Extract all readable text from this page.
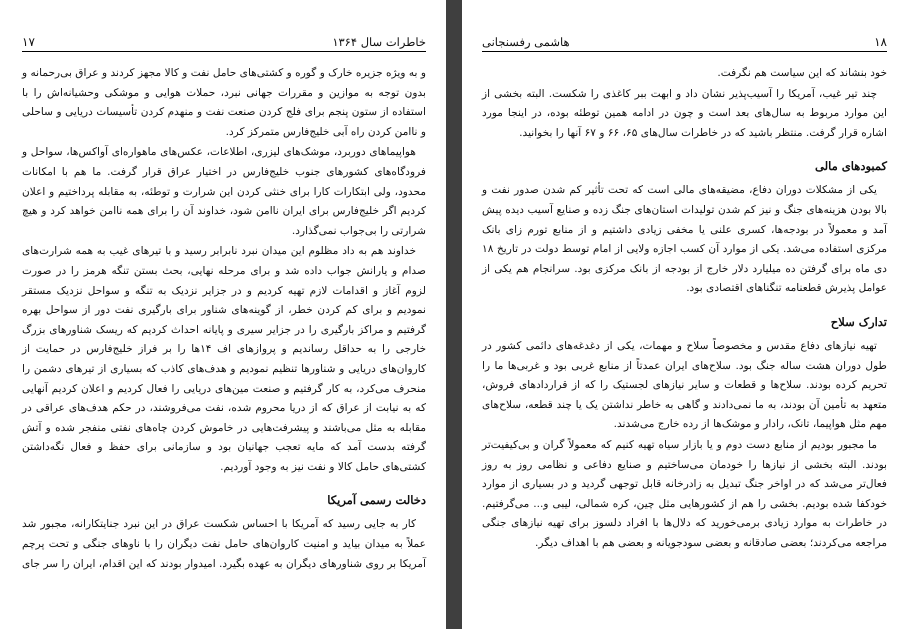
۱۷	خاطرات سال ۱۳۶۴

و به ویژه جزیره خارک و گوره و کشتی‌های حامل نفت و کالا مجهز کردند و عراق بی‌رحمانه و بدون توجه به موازین و مقررات جهانی نبرد، حملات هوایی و موشکی وحشیانه‌اش را با استفاده از ستون پنجم برای فلج کردن صنعت نفت و منهدم کردن تأسیسات دریایی و ساحلی و ناامن کردن راه آبی خلیج‌فارس متمرکز کرد.

هواپیماهای دوربرد، موشک‌های لیزری، اطلاعات، عکس‌های ماهواره‌ای آواکس‌ها، سواحل و فرودگاه‌های کشورهای جنوب خلیج‌فارس در اختیار عراق قرار گرفت. ما هم با امکانات محدود، ولی ابتکارات کارا برای خنثی کردن این شرارت و توطئه، به مقابله پرداختیم و اعلان کردیم اگر خلیج‌فارس برای ایران ناامن شود، خداوند آن را برای همه ناامن خواهد کرد و هیچ شرارتی را بی‌جواب نمی‌گذارد.

خداوند هم به داد مظلوم این میدان نبرد نابرابر رسید و با تیرهای غیب به همه شرارت‌های صدام و یارانش جواب داده شد و برای مرحله نهایی، بحث بستن تنگه هرمز را در صورت لزوم آغاز و اقدامات لازم تهیه کردیم و در جزایر نزدیک به تنگه و سواحل نزدیک مستقر نمودیم و برای کم کردن خطر، از گوینه‌های شناور برای بارگیری نفت دور از سواحل بهره گرفتیم و مراکز بارگیری را در جزایر سیری و پایانه احداث کردیم که ریسک شناورهای بزرگ خارجی را به حداقل رساندیم و پروازهای اف ۱۴ها را بر فراز خلیج‌فارس در حمایت از کاروان‌های دریایی و شناورها تنظیم نمودیم و هدف‌های کاذب که بسیاری از تیرهای دشمن را منحرف می‌کرد، به کار گرفتیم و صنعت مین‌های دریایی را فعال کردیم و اعلان کردیم آنهایی که به نیابت از عراق که از دریا محروم شده، نفت می‌فروشند، در حکم هدف‌های عراقی در مقابله به مثل می‌باشند و پیشرفت‌هایی در خاموش کردن چاه‌های نفتی منفجر شده و آتش گرفته بدست آمد که مایه تعجب جهانیان بود و سازمانی برای حفظ و فعال نگه‌داشتن کشتی‌های حامل کالا و نفت نیز به وجود آوردیم.

دخالت رسمی آمریکا

کار به جایی رسید که آمریکا با احساس شکست عراق در این نبرد جنایتکارانه، مجبور شد عملاً به میدان بیاید و امنیت کاروان‌های حامل نفت دیگران را با ناوهای جنگی و تحت پرچم آمریکا بر روی شناورهای دیگران به عهده بگیرد. امیدوار بودند که این اقدام، ایران را سر جای

هاشمی رفسنجانی	۱۸

خود بنشاند که این سیاست هم نگرفت.

چند تیر غیب، آمریکا را آسیب‌پذیر نشان داد و ابهت ببر کاغذی را شکست. البته بخشی از این موارد مربوط به سال‌های بعد است و چون در ادامه همین توطئه بوده، در اینجا مورد اشاره قرار گرفت. منتظر باشید که در خاطرات سال‌های ۶۵، ۶۶ و ۶۷ آنها را بخوانید.

کمبودهای مالی

یکی از مشکلات دوران دفاع، مضیقه‌های مالی است که تحت تأثیر کم شدن صدور نفت و بالا بودن هزینه‌های جنگ و نیز کم شدن تولیدات استان‌های جنگ زده و صنایع آسیب دیده پیش آمد و معمولاً در بودجه‌ها، کسری علنی یا مخفی زیادی داشتیم و از منابع تورم زای بانک مرکزی استفاده می‌شد. یکی از موارد آن کسب اجازه ولایی از امام توسط دولت در تاریخ ۱۸ دی ماه برای گرفتن ده میلیارد دلار خارج از بودجه از بانک مرکزی بود. سرانجام هم یکی از عوامل پذیرش قطعنامه تنگناهای اقتصادی بود.

تدارک سلاح

تهیه نیازهای دفاع مقدس و مخصوصاً سلاح و مهمات، یکی از دغدغه‌های دائمی کشور در طول دوران هشت ساله جنگ بود. سلاح‌های ایران عمدتاً از منابع غربی بود و غربی‌ها ما را تحریم کرده بودند. سلاح‌ها و قطعات و سایر نیازهای لجستیک را که از قراردادهای فروش، متعهد به تأمین آن بودند، به ما نمی‌دادند و گاهی به خاطر نداشتن یک یا چند قطعه، سلاح‌های مهم مثل هواپیما، تانک، رادار و موشک‌ها از رده خارج می‌شدند.

ما مجبور بودیم از منابع دست دوم و یا بازار سیاه تهیه کنیم که معمولاً گران و بی‌کیفیت‌تر بودند. البته بخشی از نیازها را خودمان می‌ساختیم و صنایع دفاعی و نظامی روز به روز فعال‌تر می‌شد که در اواخر جنگ تبدیل به زادرخانه قابل توجهی گردید و در بسیاری از موارد خودکفا شده بودیم. بخشی را هم از کشورهایی مثل چین، کره شمالی، لیبی و... می‌گرفتیم. در خاطرات به موارد زیادی برمی‌خورید که دلال‌ها با افراد دلسوز برای تهیه نیازهای جنگی مراجعه می‌کردند؛ بعضی صادقانه و بعضی سودجویانه و بعضی هم با اهداف دیگر.
